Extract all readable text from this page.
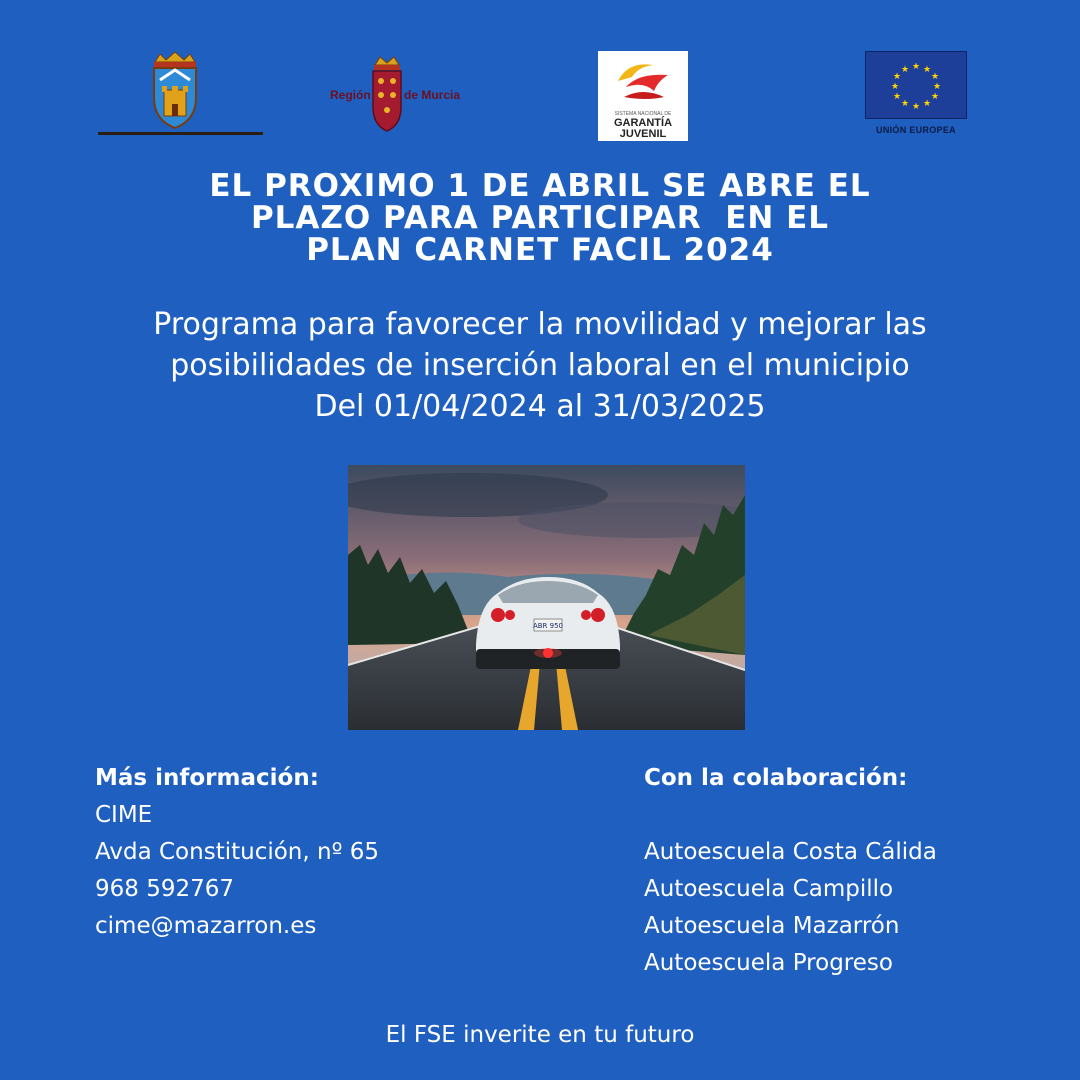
Región	de Murcia
SISTEMA NACIONAL DE
GARANTÍA
JUVENIL
★ ★
★
★
★
★
★
★
★
★
★
★
UNIÓN EUROPEA
EL PROXIMO 1 DE ABRIL SE ABRE EL
PLAZO PARA PARTICIPAR  EN EL
PLAN CARNET FACIL 2024
Programa para favorecer la movilidad y mejorar las
posibilidades de inserción laboral en el municipio
Del 01/04/2024 al 31/03/2025
ABR 950
Más información:
CIME
Avda Constitución, nº 65
968 592767
cime@mazarron.es
Con la colaboración:
Autoescuela Costa Cálida
Autoescuela Campillo
Autoescuela Mazarrón
Autoescuela Progreso
El FSE inverite en tu futuro
